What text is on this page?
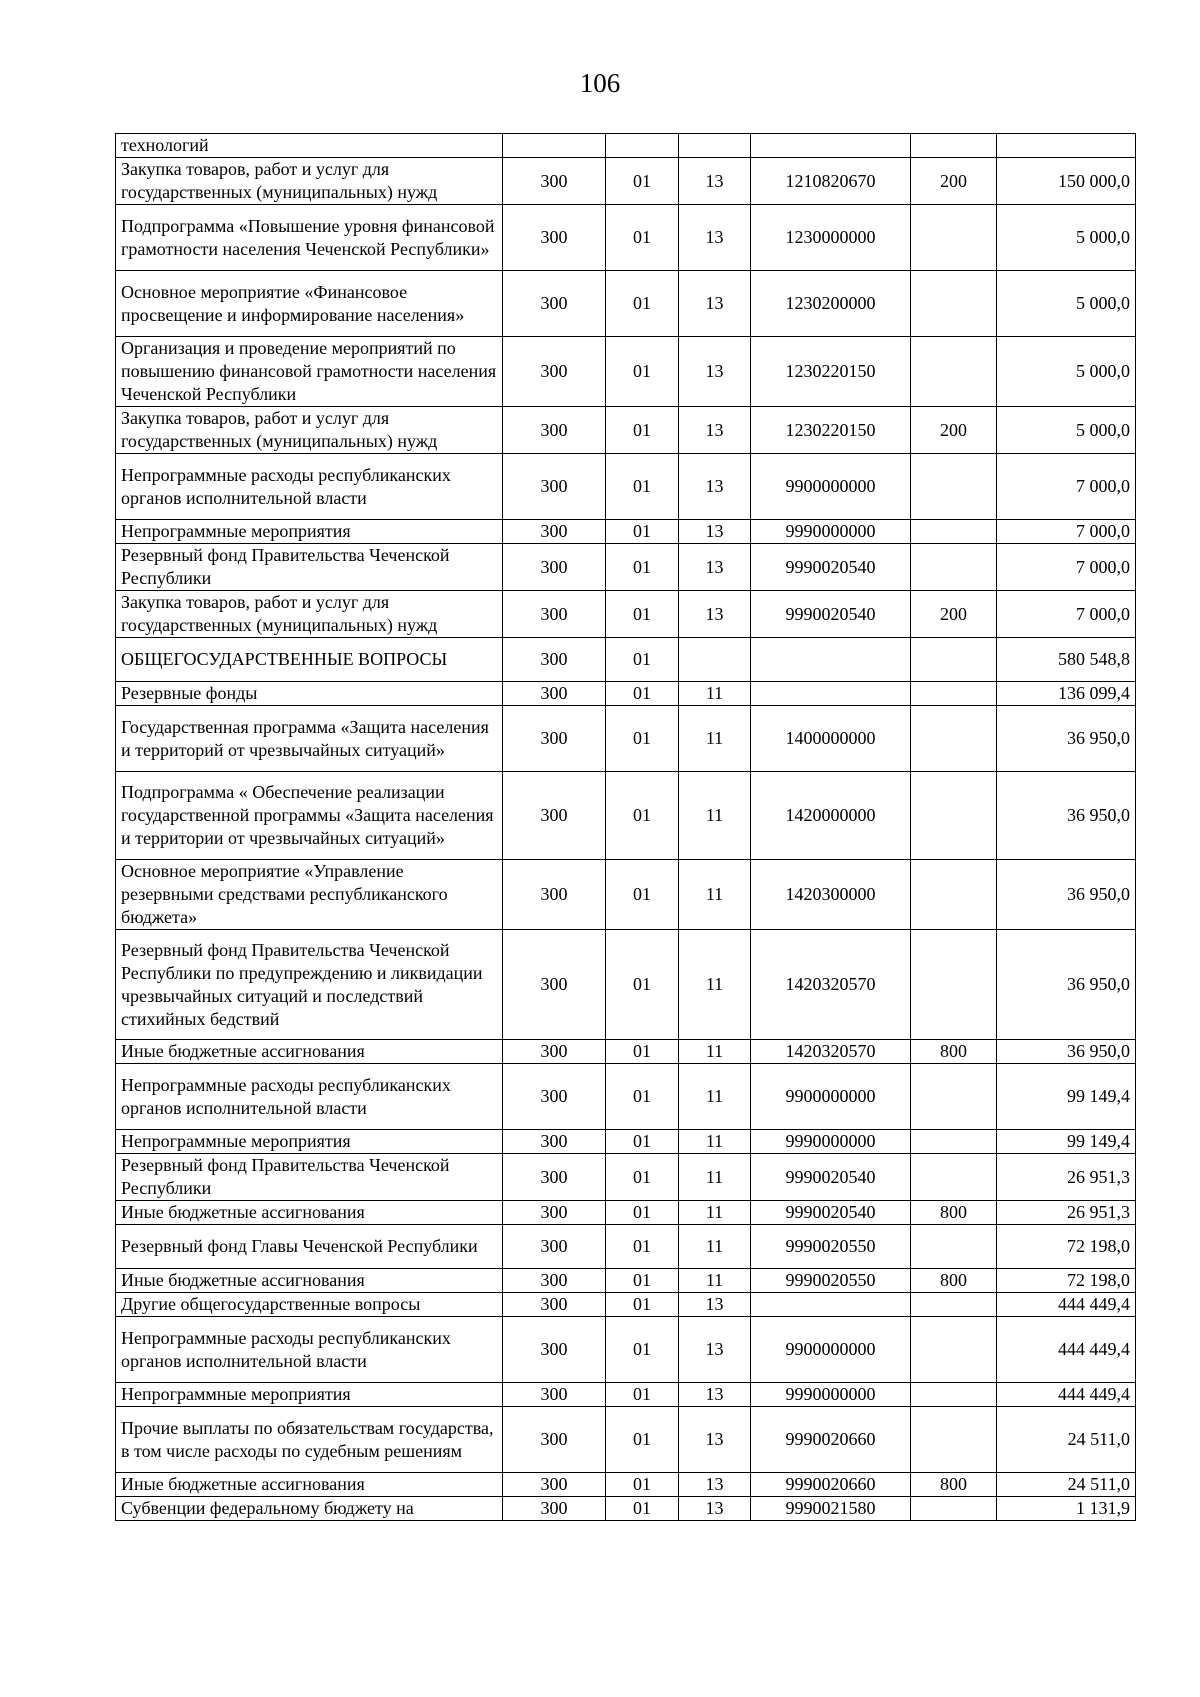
106
технологий						
Закупка товаров, работ и услуг для государственных (муниципальных) нужд	300	01	13	1210820670	200	150 000,0
Подпрограмма «Повышение уровня финансовой грамотности населения Чеченской Республики»	300	01	13	1230000000		5 000,0
Основное мероприятие «Финансовое просвещение и информирование населения»	300	01	13	1230200000		5 000,0
Организация и проведение мероприятий по повышению финансовой грамотности населения Чеченской Республики	300	01	13	1230220150		5 000,0
Закупка товаров, работ и услуг для государственных (муниципальных) нужд	300	01	13	1230220150	200	5 000,0
Непрограммные расходы республиканских органов исполнительной власти	300	01	13	9900000000		7 000,0
Непрограммные мероприятия	300	01	13	9990000000		7 000,0
Резервный фонд Правительства Чеченской Республики	300	01	13	9990020540		7 000,0
Закупка товаров, работ и услуг для государственных (муниципальных) нужд	300	01	13	9990020540	200	7 000,0
ОБЩЕГОСУДАРСТВЕННЫЕ ВОПРОСЫ	300	01				580 548,8
Резервные фонды	300	01	11			136 099,4
Государственная программа «Защита населения и территорий от чрезвычайных ситуаций»	300	01	11	1400000000		36 950,0
Подпрограмма « Обеспечение реализации государственной программы «Защита населения и территории от чрезвычайных ситуаций»	300	01	11	1420000000		36 950,0
Основное мероприятие «Управление резервными средствами республиканского бюджета»	300	01	11	1420300000		36 950,0
Резервный фонд Правительства Чеченской Республики по предупреждению и ликвидации чрезвычайных ситуаций и последствий стихийных бедствий	300	01	11	1420320570		36 950,0
Иные бюджетные ассигнования	300	01	11	1420320570	800	36 950,0
Непрограммные расходы республиканских органов исполнительной власти	300	01	11	9900000000		99 149,4
Непрограммные мероприятия	300	01	11	9990000000		99 149,4
Резервный фонд Правительства Чеченской Республики	300	01	11	9990020540		26 951,3
Иные бюджетные ассигнования	300	01	11	9990020540	800	26 951,3
Резервный фонд Главы Чеченской Республики	300	01	11	9990020550		72 198,0
Иные бюджетные ассигнования	300	01	11	9990020550	800	72 198,0
Другие общегосударственные вопросы	300	01	13			444 449,4
Непрограммные расходы республиканских органов исполнительной власти	300	01	13	9900000000		444 449,4
Непрограммные мероприятия	300	01	13	9990000000		444 449,4
Прочие выплаты по обязательствам государства, в том числе расходы по судебным решениям	300	01	13	9990020660		24 511,0
Иные бюджетные ассигнования	300	01	13	9990020660	800	24 511,0
Субвенции федеральному бюджету на	300	01	13	9990021580		1 131,9
